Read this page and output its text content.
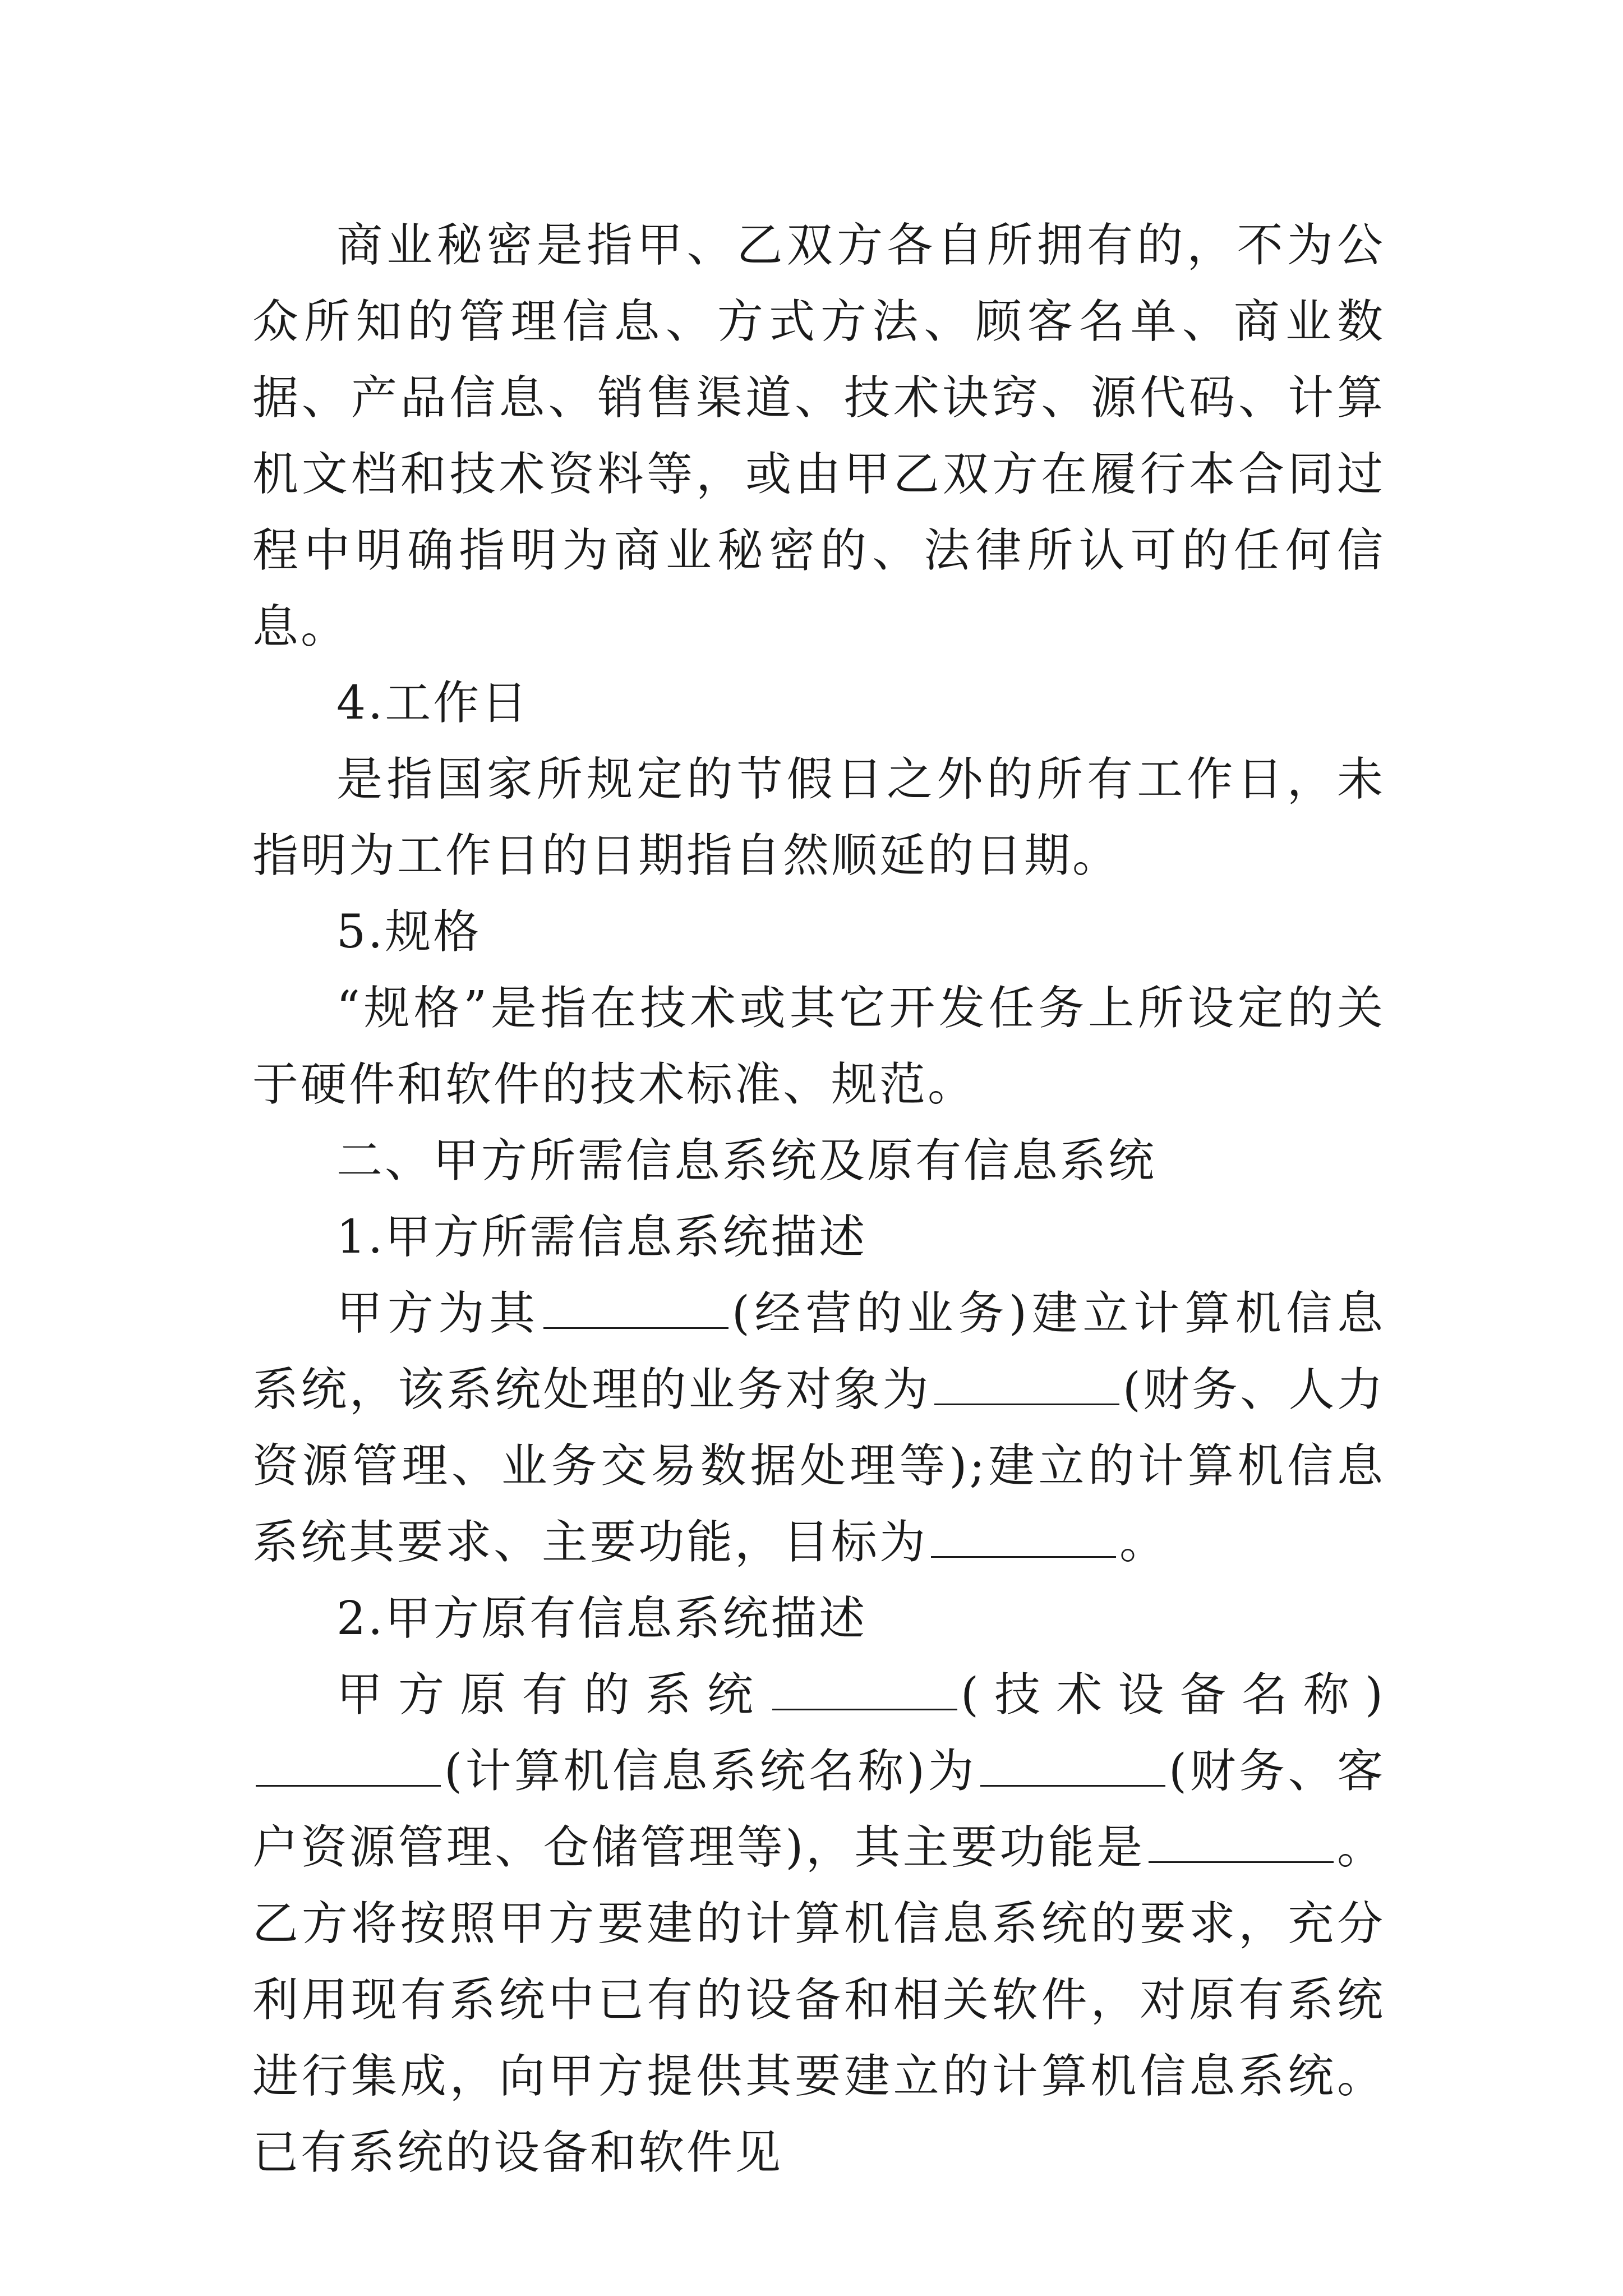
商业秘密是指甲、乙双方各自所拥有的，不为公众所知的管理信息、方式方法、顾客名单、商业数据、产品信息、销售渠道、技术诀窍、源代码、计算机文档和技术资料等，或由甲乙双方在履行本合同过程中明确指明为商业秘密的、法律所认可的任何信息。

4.工作日

是指国家所规定的节假日之外的所有工作日，未指明为工作日的日期指自然顺延的日期。

5.规格

“规格”是指在技术或其它开发任务上所设定的关于硬件和软件的技术标准、规范。

二、甲方所需信息系统及原有信息系统

1.甲方所需信息系统描述

甲方为其	(经营的业务)建立计算机信息系统，该系统处理的业务对象为	(财务、人力资源管理、业务交易数据处理等);建立的计算机信息系统其要求、主要功能，目标为	。

2.甲方原有信息系统描述

甲方原有的系统	(技术设备名称)(计算机信息系统名称)为	(财务、客户资源管理、仓储管理等)，其主要功能是	。乙方将按照甲方要建的计算机信息系统的要求，充分利用现有系统中已有的设备和相关软件，对原有系统进行集成，向甲方提供其要建立的计算机信息系统。已有系统的设备和软件见
